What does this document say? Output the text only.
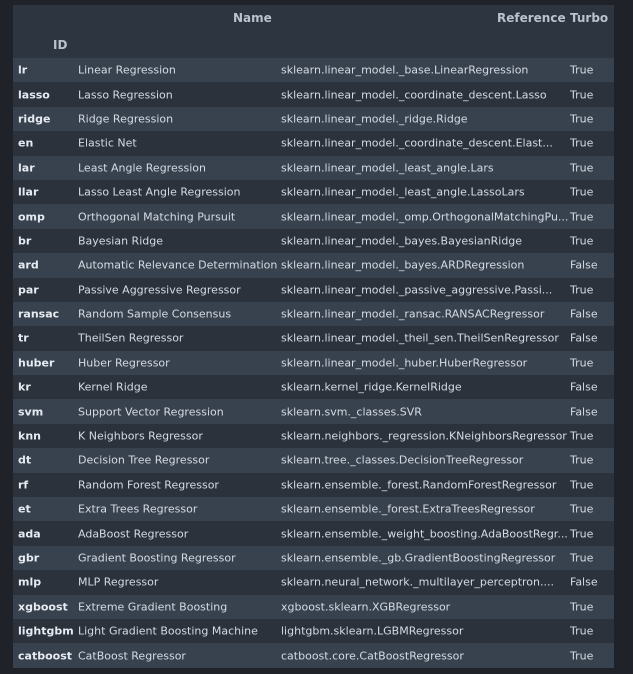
Name	Reference Turbo
ID
lr	Linear Regression	sklearn.linear_model._base.LinearRegression	True
lasso	Lasso Regression	sklearn.linear_model._coordinate_descent.Lasso True
ridge	Ridge Regression	sklearn.linear_model._ridge.Ridge	True
en	Elastic Net	sklearn.linear_model._coordinate_descent.Elast... True
lar	Least Angle Regression	sklearn.linear_model._least_angle.Lars	True
llar	Lasso Least Angle Regression	sklearn.linear_model._least_angle.LassoLars	True
omp	Orthogonal Matching Pursuit	sklearn.linear_model._omp.OrthogonalMatchingPu... True
br	Bayesian Ridge	sklearn.linear_model._bayes.BayesianRidge	True
ard	Automatic Relevance Determination sklearn.linear_model._bayes.ARDRegression	False
par	Passive Aggressive Regressor	sklearn.linear_model._passive_aggressive.Passi... True
ransac Random Sample Consensus	sklearn.linear_model._ransac.RANSACRegressor False
tr	TheilSen Regressor	sklearn.linear_model._theil_sen.TheilSenRegressor False
huber Huber Regressor	sklearn.linear_model._huber.HuberRegressor	True
kr	Kernel Ridge	sklearn.kernel_ridge.KernelRidge	False
svm	Support Vector Regression	sklearn.svm._classes.SVR	False
knn	K Neighbors Regressor	sklearn.neighbors._regression.KNeighborsRegressor True
dt	Decision Tree Regressor	sklearn.tree._classes.DecisionTreeRegressor	True
rf	Random Forest Regressor	sklearn.ensemble._forest.RandomForestRegressor True
et	Extra Trees Regressor	sklearn.ensemble._forest.ExtraTreesRegressor	True
ada	AdaBoost Regressor	sklearn.ensemble._weight_boosting.AdaBoostRegr... True
gbr	Gradient Boosting Regressor	sklearn.ensemble._gb.GradientBoostingRegressor True
mlp	MLP Regressor	sklearn.neural_network._multilayer_perceptron.... False
xgboost Extreme Gradient Boosting	xgboost.sklearn.XGBRegressor	True
lightgbm Light Gradient Boosting Machine lightgbm.sklearn.LGBMRegressor	True
catboost CatBoost Regressor	catboost.core.CatBoostRegressor	True
